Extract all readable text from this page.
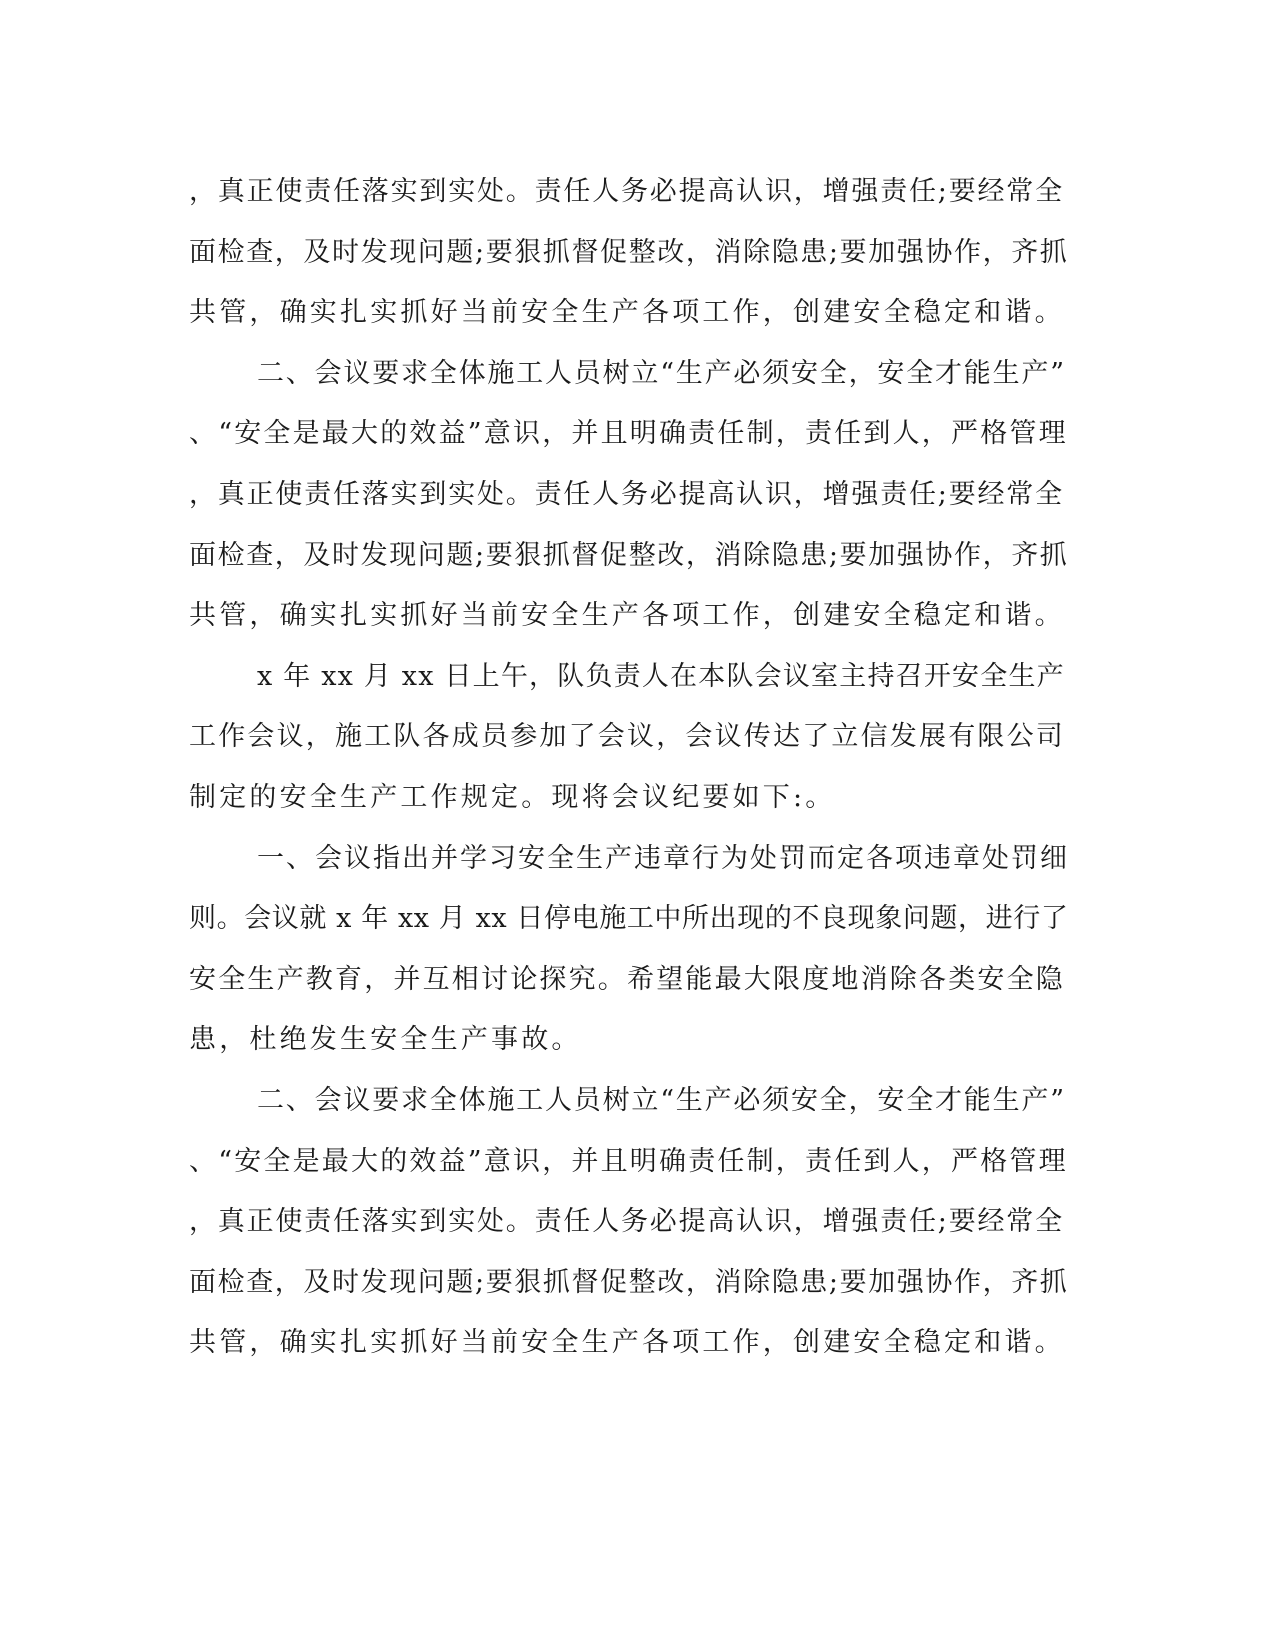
，真正使责任落实到实处。责任人务必提高认识，增强责任;要经常全
面检查，及时发现问题;要狠抓督促整改，消除隐患;要加强协作，齐抓
共管，确实扎实抓好当前安全生产各项工作，创建安全稳定和谐。
二、会议要求全体施工人员树立“生产必须安全，安全才能生产”
、“安全是最大的效益”意识，并且明确责任制，责任到人，严格管理
，真正使责任落实到实处。责任人务必提高认识，增强责任;要经常全
面检查，及时发现问题;要狠抓督促整改，消除隐患;要加强协作，齐抓
共管，确实扎实抓好当前安全生产各项工作，创建安全稳定和谐。
x 年 xx 月 xx 日上午，队负责人在本队会议室主持召开安全生产
工作会议，施工队各成员参加了会议，会议传达了立信发展有限公司
制定的安全生产工作规定。现将会议纪要如下:。
一、会议指出并学习安全生产违章行为处罚而定各项违章处罚细
则。会议就 x 年 xx 月 xx 日停电施工中所出现的不良现象问题，进行了
安全生产教育，并互相讨论探究。希望能最大限度地消除各类安全隐
患，杜绝发生安全生产事故。
二、会议要求全体施工人员树立“生产必须安全，安全才能生产”
、“安全是最大的效益”意识，并且明确责任制，责任到人，严格管理
，真正使责任落实到实处。责任人务必提高认识，增强责任;要经常全
面检查，及时发现问题;要狠抓督促整改，消除隐患;要加强协作，齐抓
共管，确实扎实抓好当前安全生产各项工作，创建安全稳定和谐。
